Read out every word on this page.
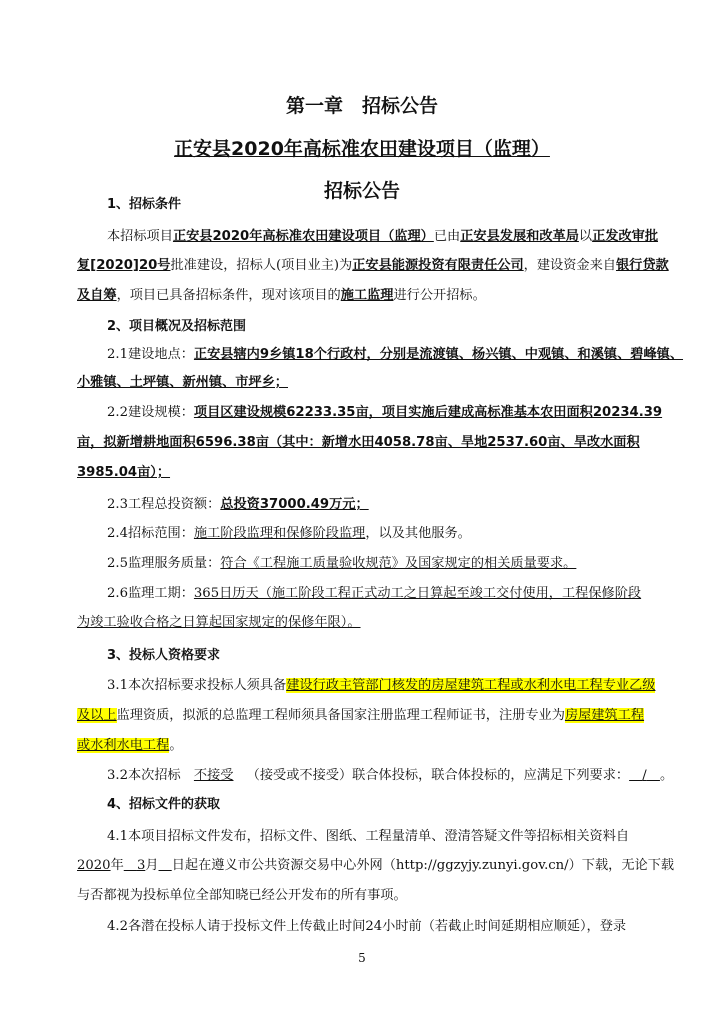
第一章　招标公告
正安县2020年高标准农田建设项目（监理）
招标公告
1、招标条件
本招标项目正安县2020年高标准农田建设项目（监理）已由正安县发展和改革局以正发改审批
复[2020]20号批准建设，招标人(项目业主)为正安县能源投资有限责任公司，建设资金来自银行贷款
及自筹，项目已具备招标条件，现对该项目的施工监理进行公开招标。
2、项目概况及招标范围
2.1建设地点：正安县辖内9乡镇18个行政村，分别是流渡镇、杨兴镇、中观镇、和溪镇、碧峰镇、
小雅镇、土坪镇、新州镇、市坪乡；
2.2建设规模：项目区建设规模62233.35亩，项目实施后建成高标准基本农田面积20234.39
亩，拟新增耕地面积6596.38亩（其中：新增水田4058.78亩、旱地2537.60亩、旱改水面积
3985.04亩）；
2.3工程总投资额：总投资37000.49万元；
2.4招标范围：施工阶段监理和保修阶段监理，以及其他服务。
2.5监理服务质量：符合《工程施工质量验收规范》及国家规定的相关质量要求。
2.6监理工期：365日历天（施工阶段工程正式动工之日算起至竣工交付使用，工程保修阶段
为竣工验收合格之日算起国家规定的保修年限）。
3、投标人资格要求
3.1本次招标要求投标人须具备建设行政主管部门核发的房屋建筑工程或水利水电工程专业乙级
及以上监理资质，拟派的总监理工程师须具备国家注册监理工程师证书，注册专业为房屋建筑工程
或水利水电工程。
3.2本次招标  不接受  （接受或不接受）联合体投标，联合体投标的，应满足下列要求：  /  。
4、招标文件的获取
4.1本项目招标文件发布，招标文件、图纸、工程量清单、澄清答疑文件等招标相关资料自
2020年  3月  日起在遵义市公共资源交易中心外网（http://ggzyjy.zunyi.gov.cn/）下载，无论下载
与否都视为投标单位全部知晓已经公开发布的所有事项。
4.2各潜在投标人请于投标文件上传截止时间24小时前（若截止时间延期相应顺延），登录
5
